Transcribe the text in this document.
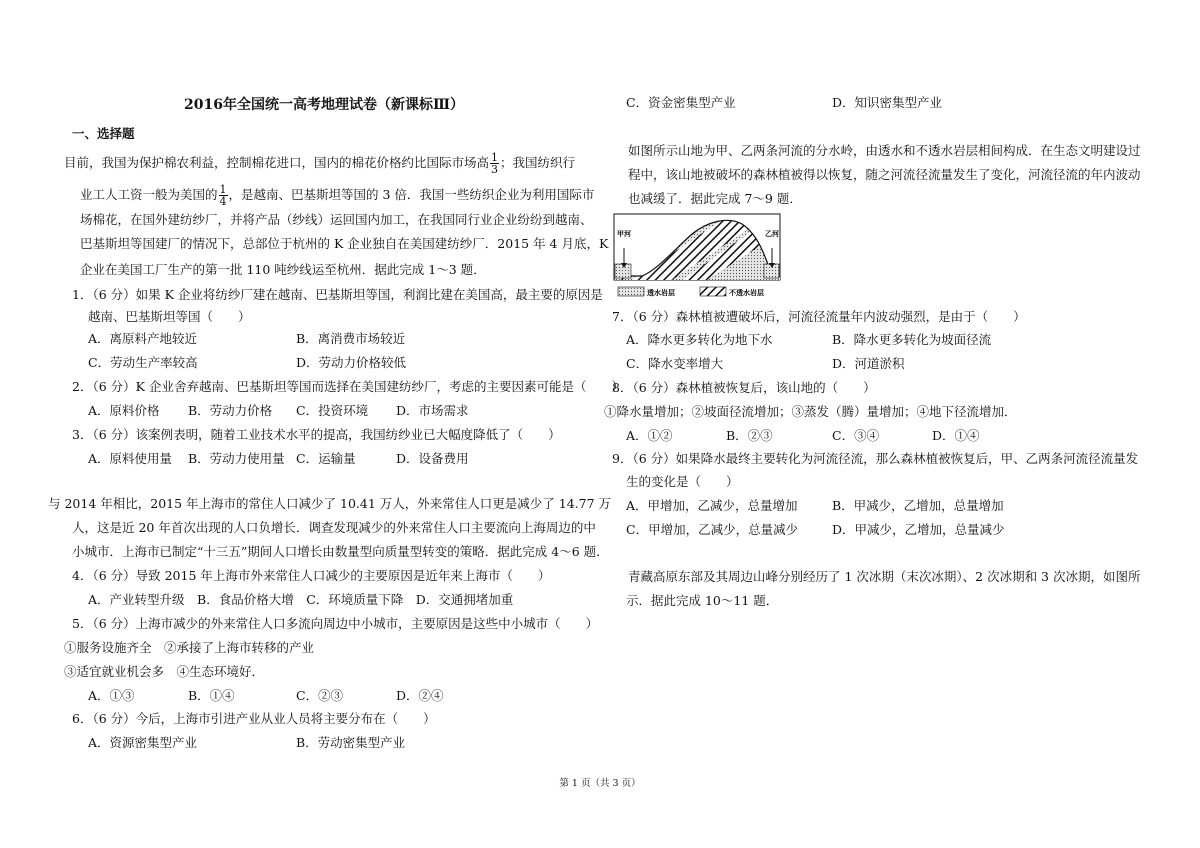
2016年全国统一高考地理试卷（新课标Ⅲ）
一、选择题
目前，我国为保护棉农利益，控制棉花进口，国内的棉花价格约比国际市场高 $\frac{1}{3}$ ；我国纺织行
业工人工资一般为美国的 $\frac{1}{4}$ ，是越南、巴基斯坦等国的 3 倍．我国一些纺织企业为利用国际市
场棉花，在国外建纺纱厂，并将产品（纱线）运回国内加工，在我国同行业企业纷纷到越南、
巴基斯坦等国建厂的情况下，总部位于杭州的 K 企业独自在美国建纺纱厂．2015 年 4 月底，K
企业在美国工厂生产的第一批 110 吨纱线运至杭州．据此完成 1～3 题．
1．（6 分）如果 K 企业将纺纱厂建在越南、巴基斯坦等国，利润比建在美国高，最主要的原因是
越南、巴基斯坦等国（　　）
A．离原料产地较近	B．离消费市场较近
C．劳动生产率较高	D．劳动力价格较低
2．（6 分）K 企业舍弃越南、巴基斯坦等国而选择在美国建纺纱厂，考虑的主要因素可能是（　　）
A．原料价格 B．劳动力价格 C．投资环境 D．市场需求
3．（6 分）该案例表明，随着工业技术水平的提高，我国纺纱业已大幅度降低了（　　）
A．原料使用量 B．劳动力使用量 C．运输量	D．设备费用
与 2014 年相比，2015 年上海市的常住人口减少了 10.41 万人，外来常住人口更是减少了 14.77 万
人，这是近 20 年首次出现的人口负增长．调查发现减少的外来常住人口主要流向上海周边的中
小城市．上海市已制定“十三五”期间人口增长由数量型向质量型转变的策略．据此完成 4～6 题．
4．（6 分）导致 2015 年上海市外来常住人口减少的主要原因是近年来上海市（　　）
A．产业转型升级　B．食品价格大增　C．环境质量下降　D．交通拥堵加重
5．（6 分）上海市减少的外来常住人口多流向周边中小城市，主要原因是这些中小城市（　　）
①服务设施齐全　②承接了上海市转移的产业
③适宜就业机会多　④生态环境好．
A．①③	B．①④	C．②③	D．②④
6．（6 分）今后，上海市引进产业从业人员将主要分布在（　　）
A．资源密集型产业	B．劳动密集型产业
C．资金密集型产业	D．知识密集型产业
如图所示山地为甲、乙两条河流的分水岭，由透水和不透水岩层相间构成．在生态文明建设过
程中，该山地被破坏的森林植被得以恢复，随之河流径流量发生了变化，河流径流的年内波动
也减缓了．据此完成 7～9 题．
7．（6 分）森林植被遭破坏后，河流径流量年内波动强烈，是由于（　　）
A．降水更多转化为地下水	B．降水更多转化为坡面径流
C．降水变率增大	D．河道淤积
8．（6 分）森林植被恢复后，该山地的（　　）
①降水量增加；②坡面径流增加；③蒸发（腾）量增加；④地下径流增加．
A．①②	B．②③	C．③④	D．①④
9．（6 分）如果降水最终主要转化为河流径流，那么森林植被恢复后，甲、乙两条河流径流量发
生的变化是（　　）
A．甲增加，乙减少，总量增加	B．甲减少，乙增加，总量增加
C．甲增加，乙减少，总量减少	D．甲减少，乙增加，总量减少
青藏高原东部及其周边山峰分别经历了 1 次冰期（末次冰期）、2 次冰期和 3 次冰期，如图所
示．据此完成 10～11 题．
甲河	乙河
透水岩层	不透水岩层
第 1 页（共 3 页）
